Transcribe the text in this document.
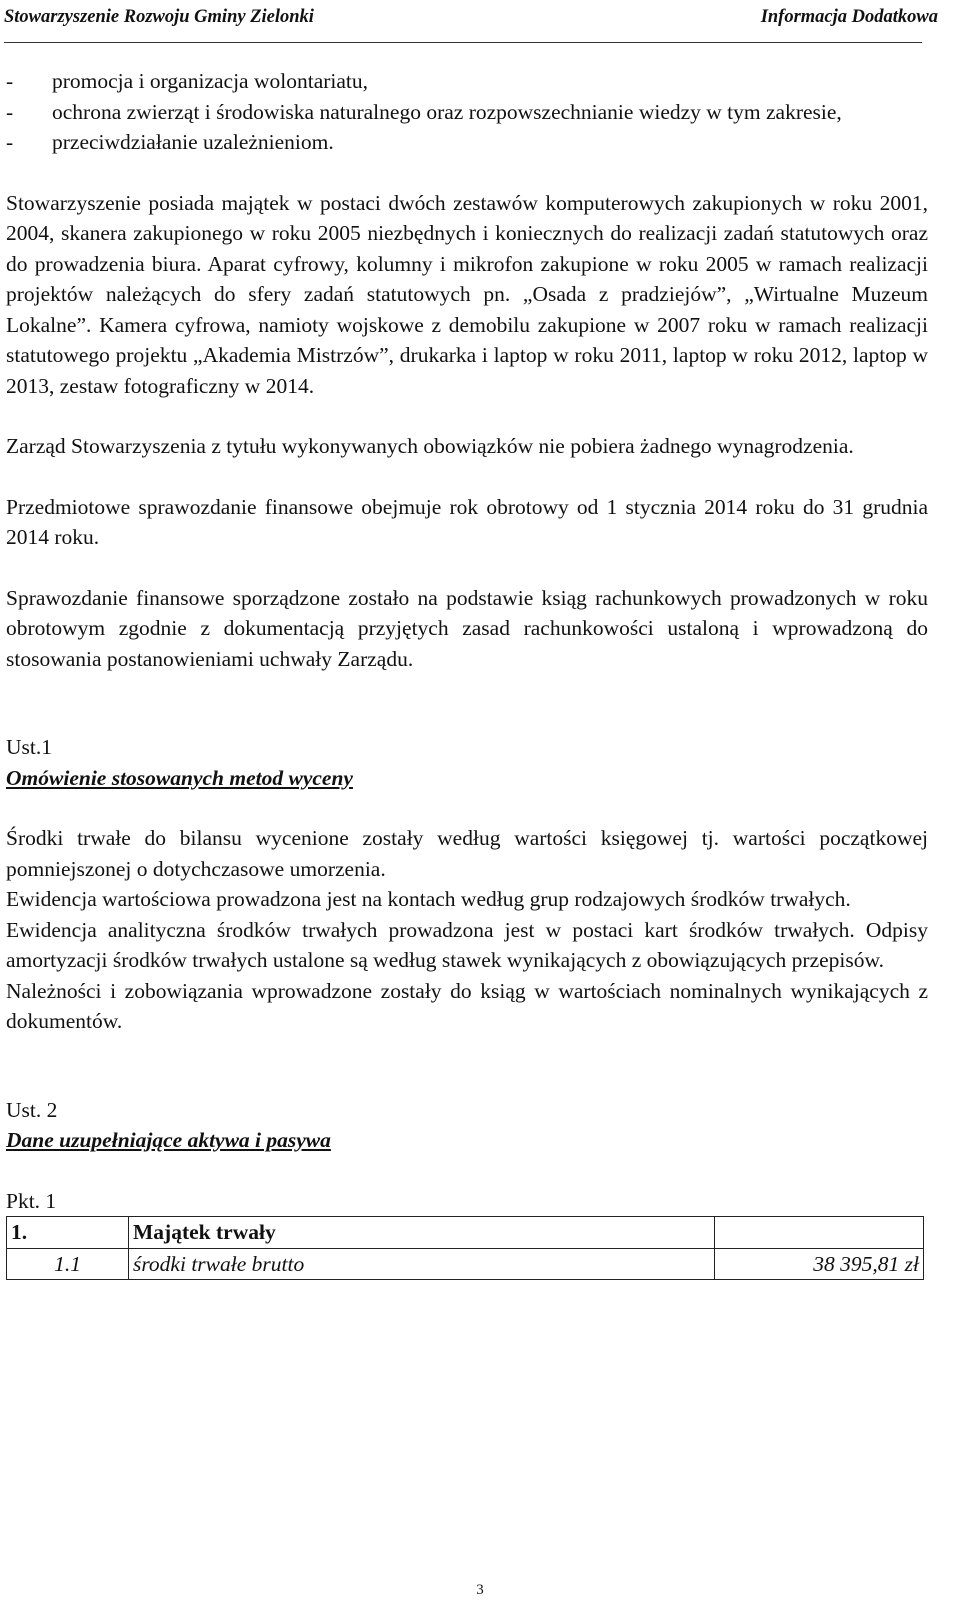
Stowarzyszenie Rozwoju Gminy Zielonki	Informacja Dodatkowa

- promocja i organizacja wolontariatu,

- ochrona zwierząt i środowiska naturalnego oraz rozpowszechnianie wiedzy w tym zakresie,

- przeciwdziałanie uzależnieniom.

Stowarzyszenie posiada majątek w postaci dwóch zestawów komputerowych zakupionych w roku 2001, 2004, skanera zakupionego w roku 2005 niezbędnych i koniecznych do realizacji zadań statutowych oraz do prowadzenia biura. Aparat cyfrowy, kolumny i mikrofon zakupione w roku 2005 w ramach realizacji projektów należących do sfery zadań statutowych pn. „Osada z pradziejów”, „Wirtualne Muzeum Lokalne”. Kamera cyfrowa, namioty wojskowe z demobilu zakupione w 2007 roku w ramach realizacji statutowego projektu „Akademia Mistrzów”, drukarka i laptop w roku 2011, laptop w roku 2012, laptop w 2013, zestaw fotograficzny w 2014.

Zarząd Stowarzyszenia z tytułu wykonywanych obowiązków nie pobiera żadnego wynagrodzenia.

Przedmiotowe sprawozdanie finansowe obejmuje rok obrotowy od 1 stycznia 2014 roku do 31 grudnia 2014 roku.

Sprawozdanie finansowe sporządzone zostało na podstawie ksiąg rachunkowych prowadzonych w roku obrotowym zgodnie z dokumentacją przyjętych zasad rachunkowości ustaloną i wprowadzoną do stosowania postanowieniami uchwały Zarządu.

Ust.1

Omówienie stosowanych metod wyceny

Środki trwałe do bilansu wycenione zostały według wartości księgowej tj. wartości początkowej pomniejszonej o dotychczasowe umorzenia.

Ewidencja wartościowa prowadzona jest na kontach według grup rodzajowych środków trwałych.

Ewidencja analityczna środków trwałych prowadzona jest w postaci kart środków trwałych. Odpisy amortyzacji środków trwałych ustalone są według stawek wynikających z obowiązujących przepisów.

Należności i zobowiązania wprowadzone zostały do ksiąg w wartościach nominalnych wynikających z dokumentów.

Ust. 2

Dane uzupełniające aktywa i pasywa

Pkt. 1

1.	Majątek trwały	
1.1	środki trwałe brutto	38 395,81 zł
3
